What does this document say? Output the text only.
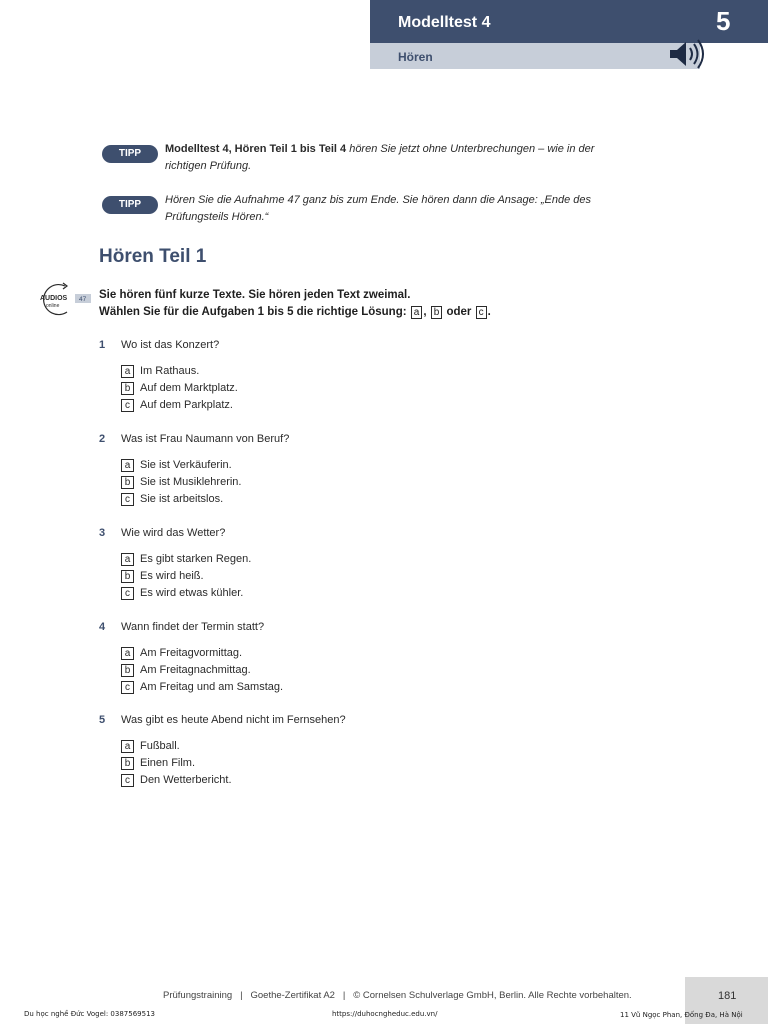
Modelltest 4	5
Hören
TIPP	Modelltest 4, Hören Teil 1 bis Teil 4 hören Sie jetzt ohne Unterbrechungen – wie in der richtigen Prüfung.
TIPP	Hören Sie die Aufnahme 47 ganz bis zum Ende. Sie hören dann die Ansage: „Ende des Prüfungsteils Hören.“
Hören Teil 1
AUDIOS
online
47 Sie hören fünf kurze Texte. Sie hören jeden Text zweimal.
Wählen Sie für die Aufgaben 1 bis 5 die richtige Lösung: a , b oder c .
1 Wo ist das Konzert?
a Im Rathaus.
b Auf dem Marktplatz.
c Auf dem Parkplatz.
2 Was ist Frau Naumann von Beruf?
a Sie ist Verkäuferin.
b Sie ist Musiklehrerin.
c Sie ist arbeitslos.
3 Wie wird das Wetter?
a Es gibt starken Regen.
b Es wird heiß.
c Es wird etwas kühler.
4 Wann findet der Termin statt?
a Am Freitagvormittag.
b Am Freitagnachmittag.
c Am Freitag und am Samstag.
5 Was gibt es heute Abend nicht im Fernsehen?
a Fußball.
b Einen Film.
c Den Wetterbericht.
Prüfungstraining   |   Goethe-Zertifikat A2   |   © Cornelsen Schulverlage GmbH, Berlin. Alle Rechte vorbehalten.	181
Du học nghề Đức Vogel: 0387569513	https://duhocngheduc.edu.vn/	11 Vũ Ngọc Phan, Đống Đa, Hà Nội
